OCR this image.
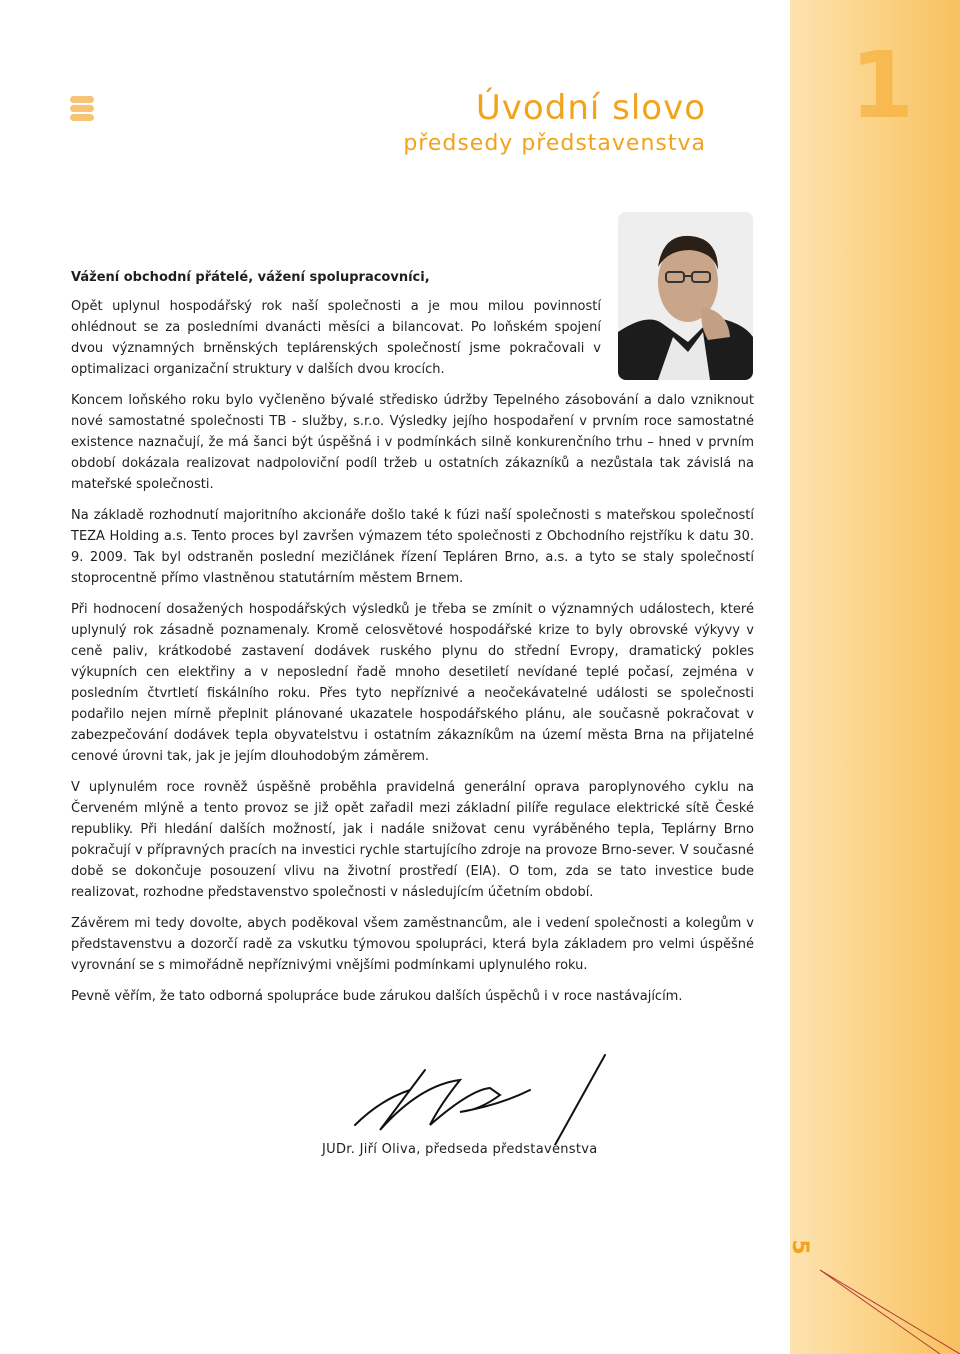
1
Úvodní slovo
předsedy představenstva

Vážení obchodní přátelé, vážení spolupracovníci,

Opět uplynul hospodářský rok naší společnosti a je mou milou povinností ohlédnout se za posledními dvanácti měsíci a bilancovat. Po loňském spojení dvou významných brněnských teplárenských společností jsme pokračovali v optimalizaci organizační struktury v dalších dvou krocích.

Koncem loňského roku bylo vyčleněno bývalé středisko údržby Tepelného zásobování a dalo vzniknout nové samostatné společnosti TB - služby, s.r.o. Výsledky jejího hospodaření v prvním roce samostatné existence naznačují, že má šanci být úspěšná i v podmínkách silně konkurenčního trhu – hned v prvním období dokázala realizovat nadpoloviční podíl tržeb u ostatních zákazníků a nezůstala tak závislá na mateřské společnosti.

Na základě rozhodnutí majoritního akcionáře došlo také k fúzi naší společnosti s mateřskou společností TEZA Holding a.s. Tento proces byl završen výmazem této společnosti z Obchodního rejstříku k datu 30. 9. 2009. Tak byl odstraněn poslední mezičlánek řízení Tepláren Brno, a.s. a tyto se staly společností stoprocentně přímo vlastněnou statutárním městem Brnem.

Při hodnocení dosažených hospodářských výsledků je třeba se zmínit o významných událostech, které uplynulý rok zásadně poznamenaly. Kromě celosvětové hospodářské krize to byly obrovské výkyvy v ceně paliv, krátkodobé zastavení dodávek ruského plynu do střední Evropy, dramatický pokles výkupních cen elektřiny a v neposlední řadě mnoho desetiletí nevídané teplé počasí, zejména v posledním čtvrtletí fiskálního roku. Přes tyto nepříznivé a neočekávatelné události se společnosti podařilo nejen mírně přeplnit plánované ukazatele hospodářského plánu, ale současně pokračovat v zabezpečování dodávek tepla obyvatelstvu i ostatním zákazníkům na území města Brna na přijatelné cenové úrovni tak, jak je jejím dlouhodobým záměrem.

V uplynulém roce rovněž úspěšně proběhla pravidelná generální oprava paroplynového cyklu na Červeném mlýně a tento provoz se již opět zařadil mezi základní pilíře regulace elektrické sítě České republiky. Při hledání dalších možností, jak i nadále snižovat cenu vyráběného tepla, Teplárny Brno pokračují v přípravných pracích na investici rychle startujícího zdroje na provoze Brno-sever. V současné době se dokončuje posouzení vlivu na životní prostředí (EIA). O tom, zda se tato investice bude realizovat, rozhodne představenstvo společnosti v následujícím účetním období.

Závěrem mi tedy dovolte, abych poděkoval všem zaměstnancům, ale i vedení společnosti a kolegům v představenstvu a dozorčí radě za vskutku týmovou spolupráci, která byla základem pro velmi úspěšné vyrovnání se s mimořádně nepříznivými vnějšími podmínkami uplynulého roku.

Pevně věřím, že tato odborná spolupráce bude zárukou dalších úspěchů i v roce nastávajícím.

JUDr. Jiří Oliva, předseda představenstva
5
